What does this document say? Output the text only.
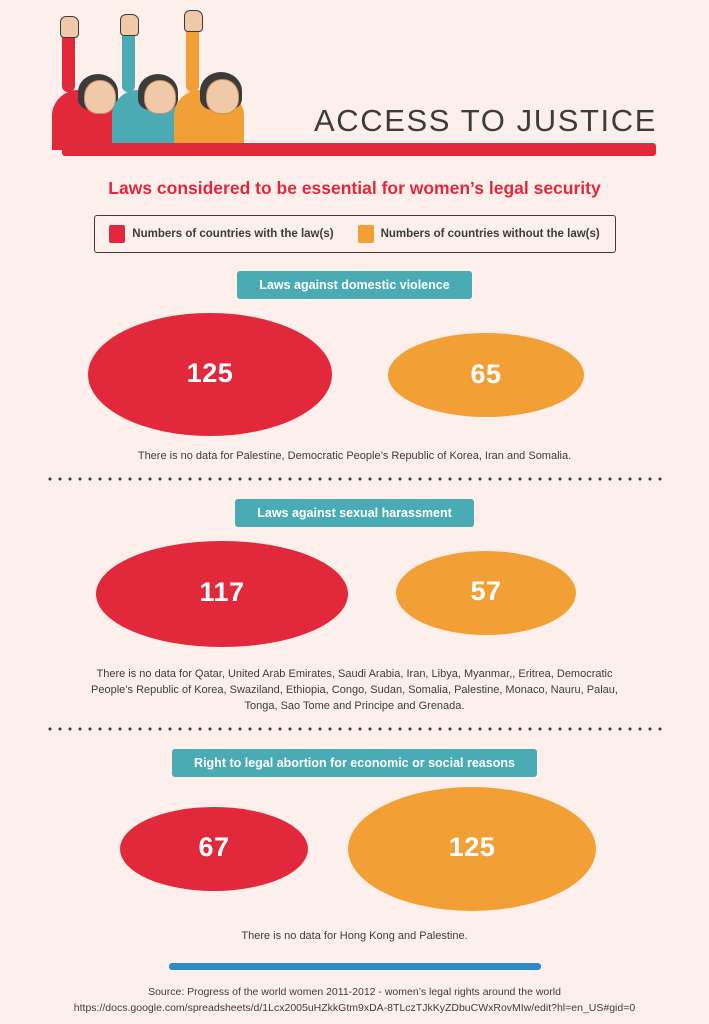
ACCESS TO JUSTICE
Laws considered to be essential for women’s legal security
Numbers of countries with the law(s)	Numbers of countries without the law(s)
Laws against domestic violence
125	65
There is no data for Palestine, Democratic People’s Republic of Korea, Iran and Somalia.
Laws against sexual harassment
117	57
There is no data for Qatar, United Arab Emirates, Saudi Arabia, Iran, Libya, Myanmar,, Eritrea, Democratic People’s Republic of Korea, Swaziland, Ethiopia, Congo, Sudan, Somalia, Palestine, Monaco, Nauru, Palau, Tonga, Sao Tome and Principe and Grenada.
Right to legal abortion for economic or social reasons
67	125
There is no data for Hong Kong and Palestine.
Source: Progress of the world women 2011-2012 - women’s legal rights around the world
https://docs.google.com/spreadsheets/d/1Lcx2005uHZkkGtm9xDA-8TLczTJkKyZDbuCWxRovMIw/edit?hl=en_US#gid=0
